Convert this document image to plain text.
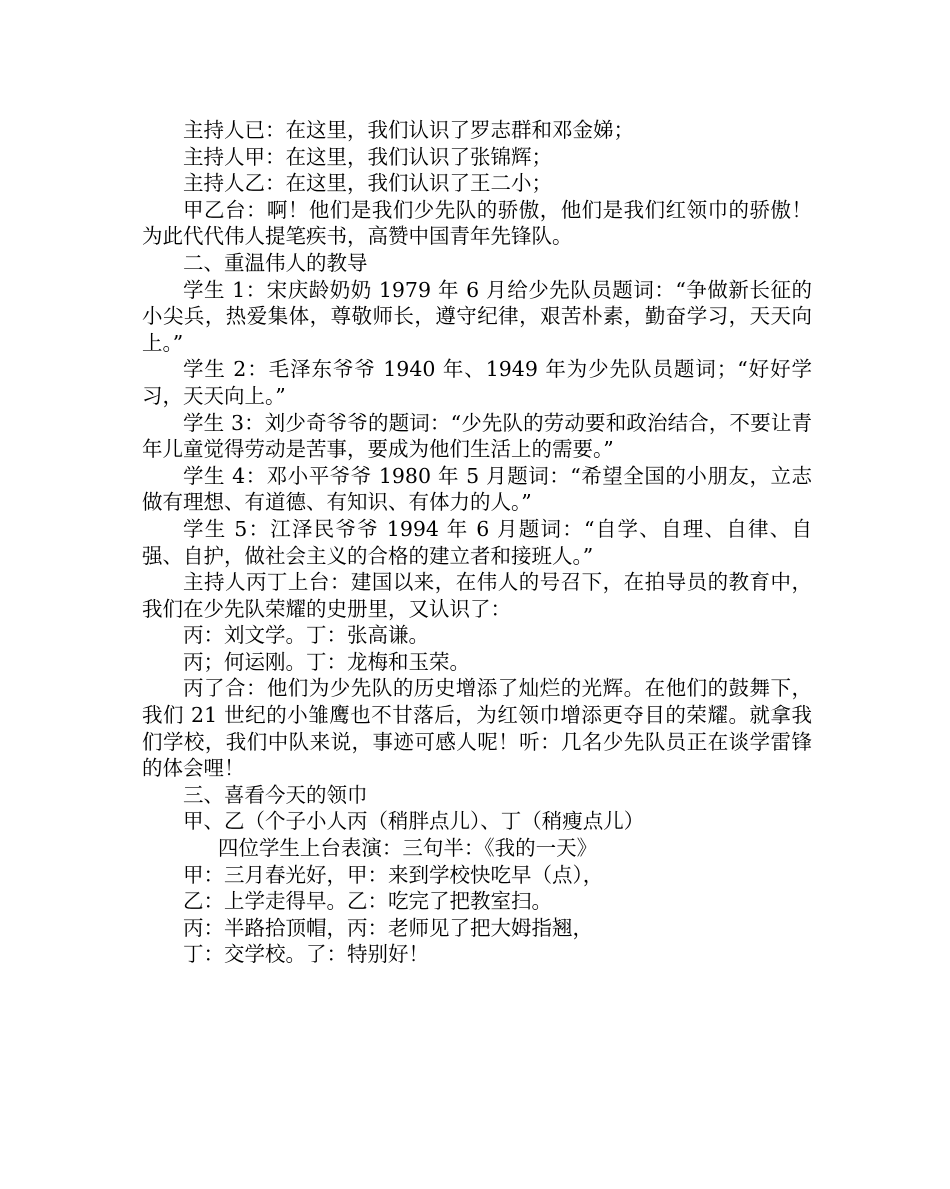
主持人已：在这里，我们认识了罗志群和邓金娣；

主持人甲：在这里，我们认识了张锦辉；

主持人乙：在这里，我们认识了王二小；

甲乙台：啊！他们是我们少先队的骄傲，他们是我们红领巾的骄傲！为此代代伟人提笔疾书，高赞中国青年先锋队。

二、重温伟人的教导

学生 1：宋庆龄奶奶 1979 年 6 月给少先队员题词：“争做新长征的小尖兵，热爱集体，尊敬师长，遵守纪律，艰苦朴素，勤奋学习，天天向上。”

学生 2：毛泽东爷爷 1940 年、1949 年为少先队员题词；“好好学习，天天向上。”

学生 3：刘少奇爷爷的题词：“少先队的劳动要和政治结合，不要让青年儿童觉得劳动是苦事，要成为他们生活上的需要。”

学生 4：邓小平爷爷 1980 年 5 月题词：“希望全国的小朋友，立志做有理想、有道德、有知识、有体力的人。”

学生 5：江泽民爷爷 1994 年 6 月题词：“自学、自理、自律、自强、自护，做社会主义的合格的建立者和接班人。”

主持人丙丁上台：建国以来，在伟人的号召下，在拍导员的教育中，我们在少先队荣耀的史册里，又认识了：

丙：刘文学。丁：张高谦。

丙；何运刚。丁：龙梅和玉荣。

丙了合：他们为少先队的历史增添了灿烂的光辉。在他们的鼓舞下，我们 21 世纪的小雏鹰也不甘落后，为红领巾增添更夺目的荣耀。就拿我们学校，我们中队来说，事迹可感人呢！听：几名少先队员正在谈学雷锋的体会哩！

三、喜看今天的领巾

甲、乙（个子小人丙（稍胖点儿）、丁（稍瘦点儿）

四位学生上台表演：三句半：《我的一天》

甲：三月春光好，甲：来到学校快吃早（点），

乙：上学走得早。乙：吃完了把教室扫。

丙：半路拾顶帽，丙：老师见了把大姆指翘，

丁：交学校。了：特别好！
